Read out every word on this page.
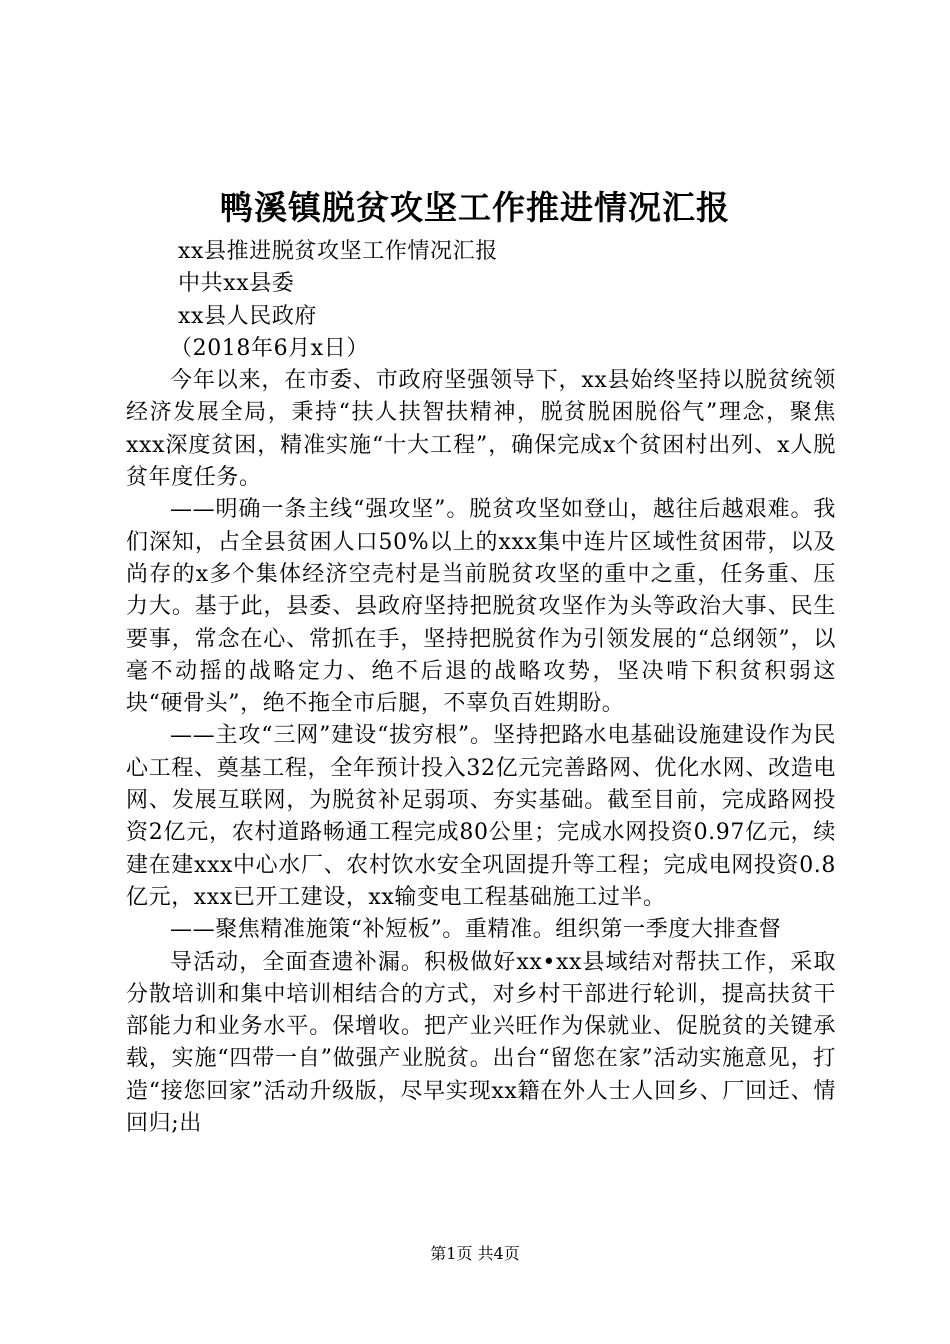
鸭溪镇脱贫攻坚工作推进情况汇报

xx县推进脱贫攻坚工作情况汇报

中共xx县委

xx县人民政府

（2018年6月x日）

今年以来，在市委、市政府坚强领导下，xx县始终坚持以脱贫统领经济发展全局，秉持“扶人扶智扶精神，脱贫脱困脱俗气”理念，聚焦xxx深度贫困，精准实施“十大工程”，确保完成x个贫困村出列、x人脱贫年度任务。

——明确一条主线“强攻坚”。脱贫攻坚如登山，越往后越艰难。我们深知，占全县贫困人口50%以上的xxx集中连片区域性贫困带，以及尚存的x多个集体经济空壳村是当前脱贫攻坚的重中之重，任务重、压力大。基于此，县委、县政府坚持把脱贫攻坚作为头等政治大事、民生要事，常念在心、常抓在手，坚持把脱贫作为引领发展的“总纲领”，以毫不动摇的战略定力、绝不后退的战略攻势，坚决啃下积贫积弱这块“硬骨头”，绝不拖全市后腿，不辜负百姓期盼。

——主攻“三网”建设“拔穷根”。坚持把路水电基础设施建设作为民心工程、奠基工程，全年预计投入32亿元完善路网、优化水网、改造电网、发展互联网，为脱贫补足弱项、夯实基础。截至目前，完成路网投资2亿元，农村道路畅通工程完成80公里；完成水网投资0.97亿元，续建在建xxx中心水厂、农村饮水安全巩固提升等工程；完成电网投资0.8亿元，xxx已开工建设，xx输变电工程基础施工过半。

——聚焦精准施策“补短板”。重精准。组织第一季度大排查督

导活动，全面查遗补漏。积极做好xx•xx县域结对帮扶工作，采取分散培训和集中培训相结合的方式，对乡村干部进行轮训，提高扶贫干部能力和业务水平。保增收。把产业兴旺作为保就业、促脱贫的关键承载，实施“四带一自”做强产业脱贫。出台“留您在家”活动实施意见，打造“接您回家”活动升级版，尽早实现xx籍在外人士人回乡、厂回迁、情回归;出

第1页 共4页
